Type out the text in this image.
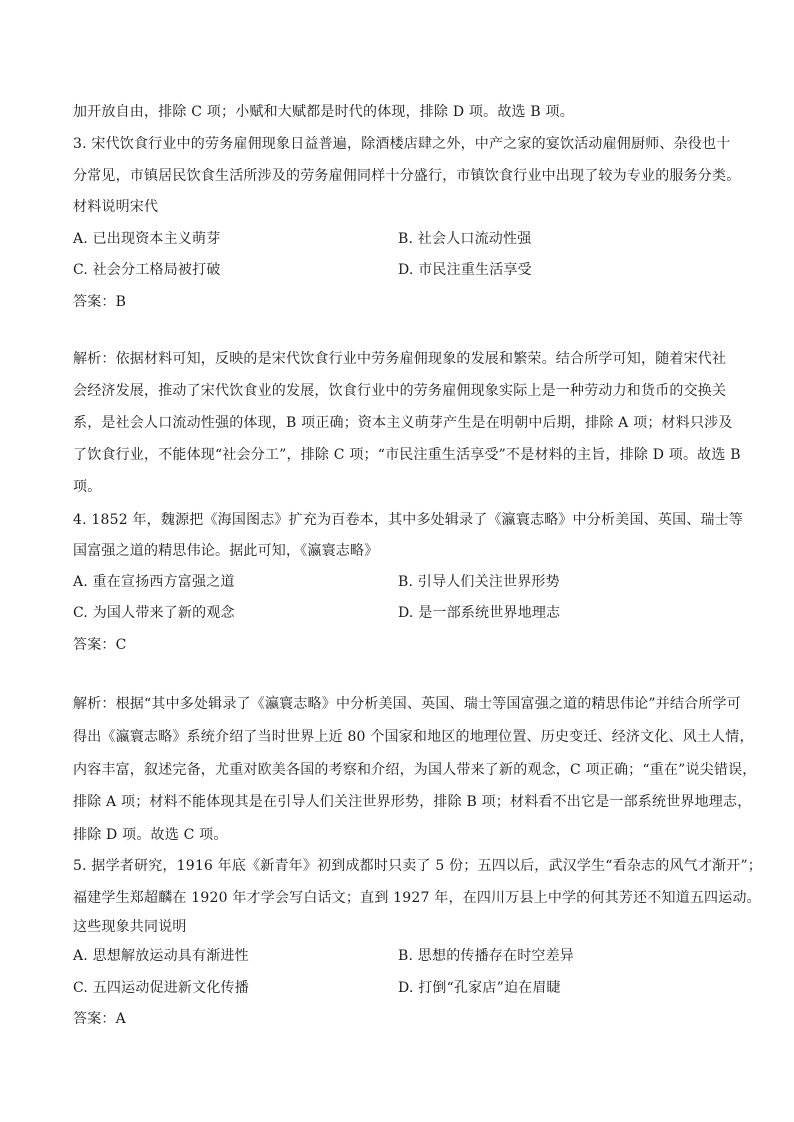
加开放自由，排除 C 项；小赋和大赋都是时代的体现，排除 D 项。故选 B 项。
3. 宋代饮食行业中的劳务雇佣现象日益普遍，除酒楼店肆之外，中产之家的宴饮活动雇佣厨师、杂役也十
分常见，市镇居民饮食生活所涉及的劳务雇佣同样十分盛行，市镇饮食行业中出现了较为专业的服务分类。
材料说明宋代
A. 已出现资本主义萌芽	B. 社会人口流动性强
C. 社会分工格局被打破	D. 市民注重生活享受
答案：B
解析：依据材料可知，反映的是宋代饮食行业中劳务雇佣现象的发展和繁荣。结合所学可知，随着宋代社
会经济发展，推动了宋代饮食业的发展，饮食行业中的劳务雇佣现象实际上是一种劳动力和货币的交换关
系，是社会人口流动性强的体现，B 项正确；资本主义萌芽产生是在明朝中后期，排除 A 项；材料只涉及
了饮食行业，不能体现“社会分工”，排除 C 项；“市民注重生活享受”不是材料的主旨，排除 D 项。故选 B
项。
4. 1852 年，魏源把《海国图志》扩充为百卷本，其中多处辑录了《瀛寰志略》中分析美国、英国、瑞士等
国富强之道的精思伟论。据此可知，《瀛寰志略》
A. 重在宣扬西方富强之道	B. 引导人们关注世界形势
C. 为国人带来了新的观念	D. 是一部系统世界地理志
答案：C
解析：根据“其中多处辑录了《瀛寰志略》中分析美国、英国、瑞士等国富强之道的精思伟论”并结合所学可
得出《瀛寰志略》系统介绍了当时世界上近 80 个国家和地区的地理位置、历史变迁、经济文化、风土人情，
内容丰富，叙述完备，尤重对欧美各国的考察和介绍，为国人带来了新的观念，C 项正确；“重在”说尖错误，
排除 A 项；材料不能体现其是在引导人们关注世界形势，排除 B 项；材料看不出它是一部系统世界地理志，
排除 D 项。故选 C 项。
5. 据学者研究，1916 年底《新青年》初到成都时只卖了 5 份；五四以后，武汉学生“看杂志的风气才渐开”；
福建学生郑超麟在 1920 年才学会写白话文；直到 1927 年，在四川万县上中学的何其芳还不知道五四运动。
这些现象共同说明
A. 思想解放运动具有渐进性	B. 思想的传播存在时空差异
C. 五四运动促进新文化传播	D. 打倒“孔家店”迫在眉睫
答案：A
